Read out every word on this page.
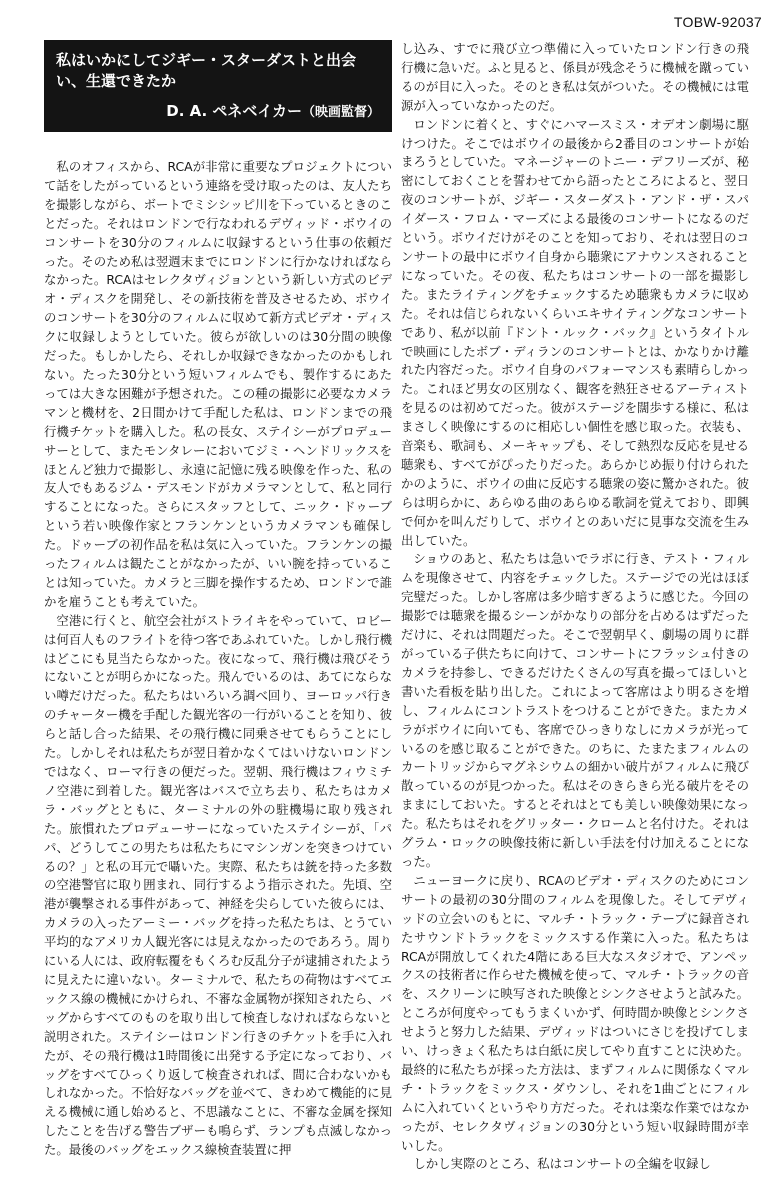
TOBW-92037
私はいかにしてジギー・スターダストと出会い、生還できたか
D. A. ペネベイカー（映画監督）

私のオフィスから、RCAが非常に重要なプロジェクトについて話をしたがっているという連絡を受け取ったのは、友人たちを撮影しながら、ボートでミシシッピ川を下っているときのことだった。それはロンドンで行なわれるデヴィッド・ボウイのコンサートを30分のフィルムに収録するという仕事の依頼だった。そのため私は翌週末までにロンドンに行かなければならなかった。RCAはセレクタヴィジョンという新しい方式のビデオ・ディスクを開発し、その新技術を普及させるため、ボウイのコンサートを30分のフィルムに収めて新方式ビデオ・ディスクに収録しようとしていた。彼らが欲しいのは30分間の映像だった。もしかしたら、それしか収録できなかったのかもしれない。たった30分という短いフィルムでも、製作するにあたっては大きな困難が予想された。この種の撮影に必要なカメラマンと機材を、2日間かけて手配した私は、ロンドンまでの飛行機チケットを購入した。私の長女、ステイシーがプロデューサーとして、またモンタレーにおいてジミ・ヘンドリックスをほとんど独力で撮影し、永遠に記憶に残る映像を作った、私の友人でもあるジム・デスモンドがカメラマンとして、私と同行することになった。さらにスタッフとして、ニック・ドゥーブという若い映像作家とフランケンというカメラマンも確保した。ドゥーブの初作品を私は気に入っていた。フランケンの撮ったフィルムは観たことがなかったが、いい腕を持っていることは知っていた。カメラと三脚を操作するため、ロンドンで誰かを雇うことも考えていた。

空港に行くと、航空会社がストライキをやっていて、ロビーは何百人ものフライトを待つ客であふれていた。しかし飛行機はどこにも見当たらなかった。夜になって、飛行機は飛びそうにないことが明らかになった。飛んでいるのは、あてにならない噂だけだった。私たちはいろいろ調べ回り、ヨーロッパ行きのチャーター機を手配した観光客の一行がいることを知り、彼らと話し合った結果、その飛行機に同乗させてもらうことにした。しかしそれは私たちが翌日着かなくてはいけないロンドンではなく、ローマ行きの便だった。翌朝、飛行機はフィウミチノ空港に到着した。観光客はバスで立ち去り、私たちはカメラ・バッグとともに、ターミナルの外の駐機場に取り残された。旅慣れたプロデューサーになっていたステイシーが、「パパ、どうしてこの男たちは私たちにマシンガンを突きつけているの？」と私の耳元で囁いた。実際、私たちは銃を持った多数の空港警官に取り囲まれ、同行するよう指示された。先頃、空港が襲撃される事件があって、神経を尖らしていた彼らには、カメラの入ったアーミー・バッグを持った私たちは、とうてい平均的なアメリカ人観光客には見えなかったのであろう。周りにいる人には、政府転覆をもくろむ反乱分子が逮捕されたように見えたに違いない。ターミナルで、私たちの荷物はすべてエックス線の機械にかけられ、不審な金属物が探知されたら、バッグからすべてのものを取り出して検査しなければならないと説明された。ステイシーはロンドン行きのチケットを手に入れたが、その飛行機は1時間後に出発する予定になっており、バッグをすべてひっくり返して検査されれば、間に合わないかもしれなかった。不恰好なバッグを並べて、きわめて機能的に見える機械に通し始めると、不思議なことに、不審な金属を探知したことを告げる警告ブザーも鳴らず、ランプも点滅しなかった。最後のバッグをエックス線検査装置に押

し込み、すでに飛び立つ準備に入っていたロンドン行きの飛行機に急いだ。ふと見ると、係員が残念そうに機械を蹴っているのが目に入った。そのとき私は気がついた。その機械には電源が入っていなかったのだ。

ロンドンに着くと、すぐにハマースミス・オデオン劇場に駆けつけた。そこではボウイの最後から2番目のコンサートが始まろうとしていた。マネージャーのトニー・デフリーズが、秘密にしておくことを誓わせてから語ったところによると、翌日夜のコンサートが、ジギー・スターダスト・アンド・ザ・スパイダース・フロム・マーズによる最後のコンサートになるのだという。ボウイだけがそのことを知っており、それは翌日のコンサートの最中にボウイ自身から聴衆にアナウンスされることになっていた。その夜、私たちはコンサートの一部を撮影した。またライティングをチェックするため聴衆もカメラに収めた。それは信じられないくらいエキサイティングなコンサートであり、私が以前『ドント・ルック・バック』というタイトルで映画にしたボブ・ディランのコンサートとは、かなりかけ離れた内容だった。ボウイ自身のパフォーマンスも素晴らしかった。これほど男女の区別なく、観客を熱狂させるアーティストを見るのは初めてだった。彼がステージを闊歩する様に、私はまさしく映像にするのに相応しい個性を感じ取った。衣装も、音楽も、歌詞も、メーキャップも、そして熱烈な反応を見せる聴衆も、すべてがぴったりだった。あらかじめ振り付けられたかのように、ボウイの曲に反応する聴衆の姿に驚かされた。彼らは明らかに、あらゆる曲のあらゆる歌詞を覚えており、即興で何かを叫んだりして、ボウイとのあいだに見事な交流を生み出していた。

ショウのあと、私たちは急いでラボに行き、テスト・フィルムを現像させて、内容をチェックした。ステージでの光はほぼ完璧だった。しかし客席は多少暗すぎるように感じた。今回の撮影では聴衆を撮るシーンがかなりの部分を占めるはずだっただけに、それは問題だった。そこで翌朝早く、劇場の周りに群がっている子供たちに向けて、コンサートにフラッシュ付きのカメラを持参し、できるだけたくさんの写真を撮ってほしいと書いた看板を貼り出した。これによって客席はより明るさを増し、フィルムにコントラストをつけることができた。またカメラがボウイに向いても、客席でひっきりなしにカメラが光っているのを感じ取ることができた。のちに、たまたまフィルムのカートリッジからマグネシウムの細かい破片がフィルムに飛び散っているのが見つかった。私はそのきらきら光る破片をそのままにしておいた。するとそれはとても美しい映像効果になった。私たちはそれをグリッター・クロームと名付けた。それはグラム・ロックの映像技術に新しい手法を付け加えることになった。

ニューヨークに戻り、RCAのビデオ・ディスクのためにコンサートの最初の30分間のフィルムを現像した。そしてデヴィッドの立会いのもとに、マルチ・トラック・テープに録音されたサウンドトラックをミックスする作業に入った。私たちはRCAが開放してくれた4階にある巨大なスタジオで、アンペックスの技術者に作らせた機械を使って、マルチ・トラックの音を、スクリーンに映写された映像とシンクさせようと試みた。ところが何度やってもうまくいかず、何時間か映像とシンクさせようと努力した結果、デヴィッドはついにさじを投げてしまい、けっきょく私たちは白紙に戻してやり直すことに決めた。最終的に私たちが採った方法は、まずフィルムに関係なくマルチ・トラックをミックス・ダウンし、それを1曲ごとにフィルムに入れていくというやり方だった。それは楽な作業ではなかったが、セレクタヴィジョンの30分という短い収録時間が幸いした。

しかし実際のところ、私はコンサートの全編を収録し
